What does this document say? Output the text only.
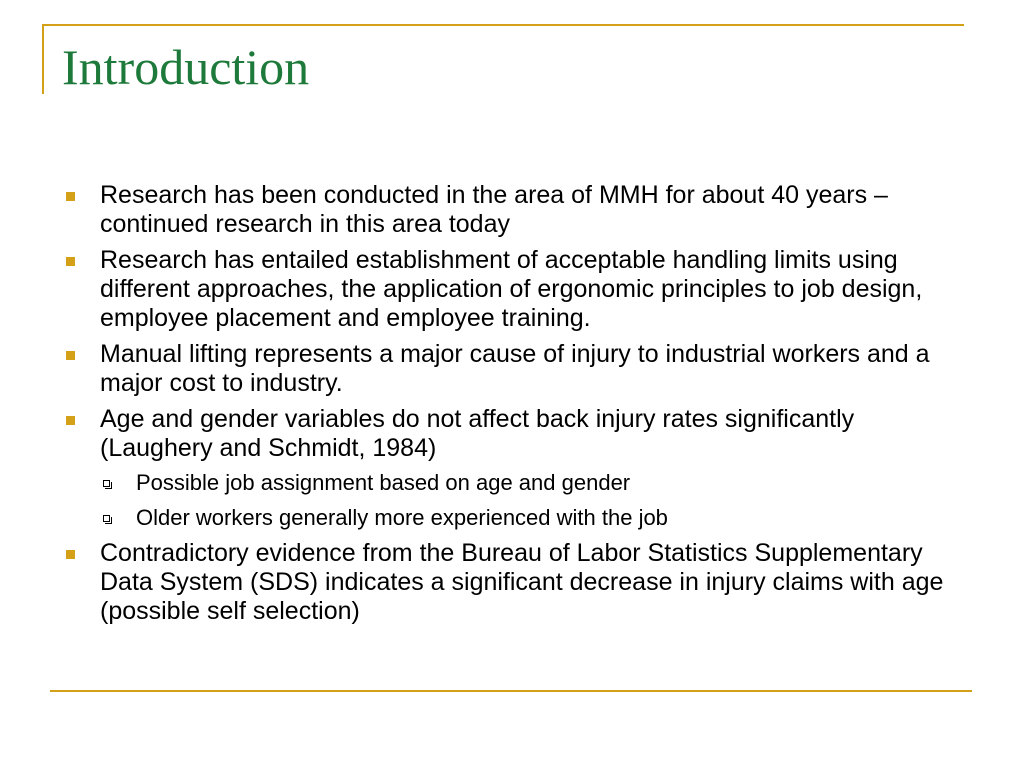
Introduction
Research has been conducted in the area of MMH for about 40 years – continued research in this area today
Research has entailed establishment of acceptable handling limits using different approaches, the application of ergonomic principles to job design, employee placement and employee training.
Manual lifting represents a major cause of injury to industrial workers and a major cost to industry.
Age and gender variables do not affect back injury rates significantly (Laughery and Schmidt, 1984)
Possible job assignment based on age and gender
Older workers generally more experienced with the job
Contradictory evidence from the Bureau of Labor Statistics Supplementary Data System (SDS) indicates a significant decrease in injury claims with age (possible self selection)
